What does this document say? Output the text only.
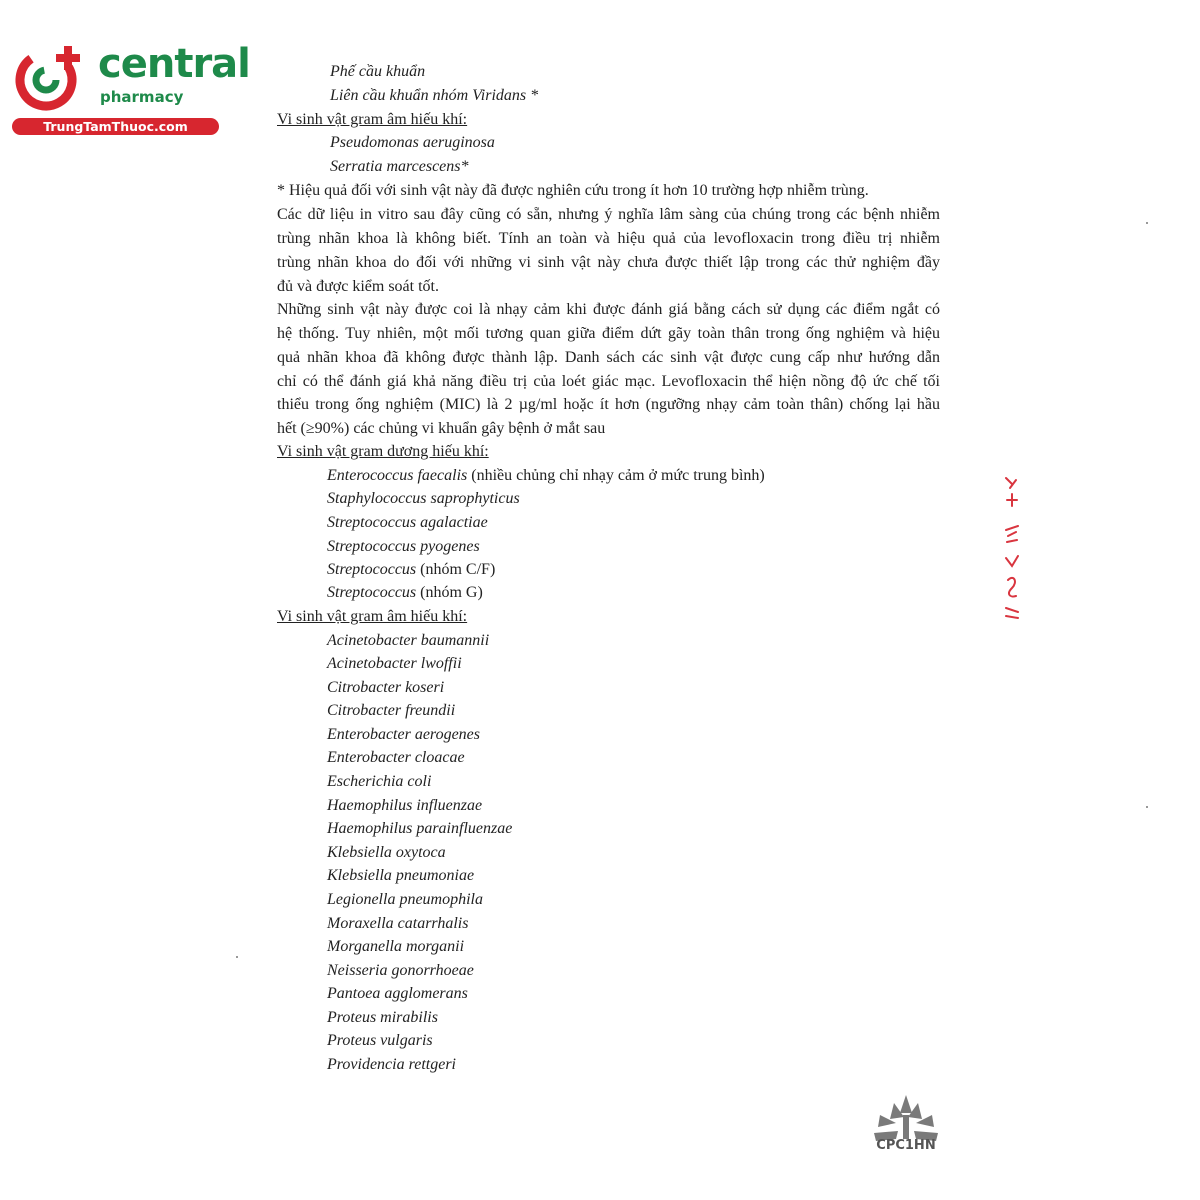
central
pharmacy
TrungTamThuoc.com
Phế cầu khuẩn
Liên cầu khuẩn nhóm Viridans *
Vi sinh vật gram âm hiếu khí:
Pseudomonas aeruginosa
Serratia marcescens*
* Hiệu quả đối với sinh vật này đã được nghiên cứu trong ít hơn 10 trường hợp nhiễm trùng.
Các dữ liệu in vitro sau đây cũng có sẵn, nhưng ý nghĩa lâm sàng của chúng trong các bệnh nhiễm
trùng nhãn khoa là không biết. Tính an toàn và hiệu quả của levofloxacin trong điều trị nhiễm
trùng nhãn khoa do đối với những vi sinh vật này chưa được thiết lập trong các thử nghiệm đầy
đủ và được kiểm soát tốt.
Những sinh vật này được coi là nhạy cảm khi được đánh giá bằng cách sử dụng các điểm ngắt có
hệ thống. Tuy nhiên, một mối tương quan giữa điểm dứt gãy toàn thân trong ống nghiệm và hiệu
quả nhãn khoa đã không được thành lập. Danh sách các sinh vật được cung cấp như hướng dẫn
chỉ có thể đánh giá khả năng điều trị của loét giác mạc. Levofloxacin thể hiện nồng độ ức chế tối
thiểu trong ống nghiệm (MIC) là 2 µg/ml hoặc ít hơn (ngưỡng nhạy cảm toàn thân) chống lại hầu
hết (≥90%) các chủng vi khuẩn gây bệnh ở mắt sau
Vi sinh vật gram dương hiếu khí:
Enterococcus faecalis (nhiều chủng chỉ nhạy cảm ở mức trung bình)
Staphylococcus saprophyticus
Streptococcus agalactiae
Streptococcus pyogenes
Streptococcus (nhóm C/F)
Streptococcus (nhóm G)
Vi sinh vật gram âm hiếu khí:
Acinetobacter baumannii
Acinetobacter lwoffii
Citrobacter koseri
Citrobacter freundii
Enterobacter aerogenes
Enterobacter cloacae
Escherichia coli
Haemophilus influenzae
Haemophilus parainfluenzae
Klebsiella oxytoca
Klebsiella pneumoniae
Legionella pneumophila
Moraxella catarrhalis
Morganella morganii
Neisseria gonorrhoeae
Pantoea agglomerans
Proteus mirabilis
Proteus vulgaris
Providencia rettgeri
CPC1HN
